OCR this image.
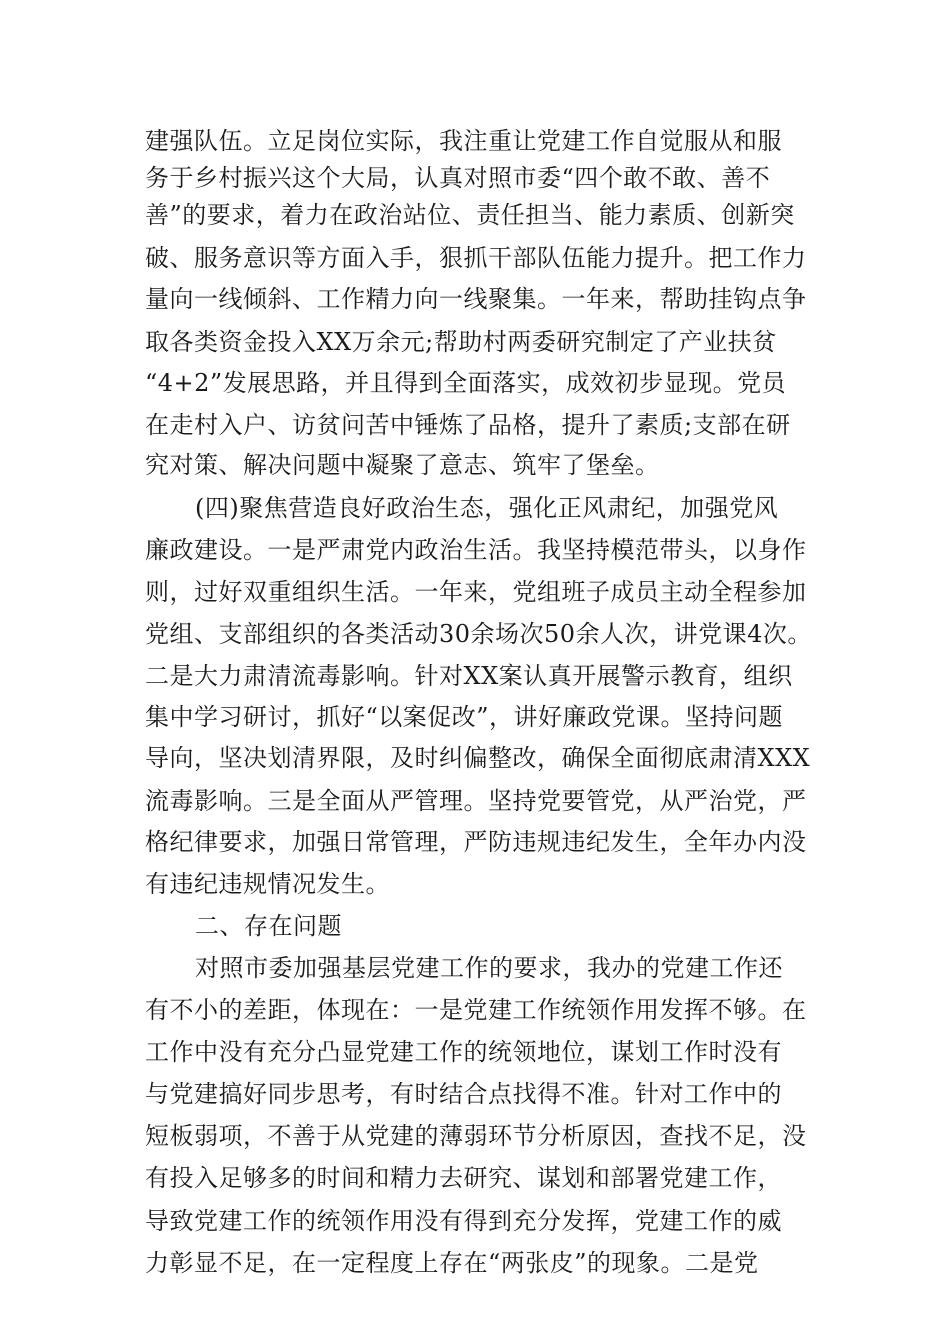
建强队伍。立足岗位实际，我注重让党建工作自觉服从和服
务于乡村振兴这个大局，认真对照市委“四个敢不敢、善不
善”的要求，着力在政治站位、责任担当、能力素质、创新突
破、服务意识等方面入手，狠抓干部队伍能力提升。把工作力
量向一线倾斜、工作精力向一线聚集。一年来，帮助挂钩点争
取各类资金投入XX万余元;帮助村两委研究制定了产业扶贫
“4+2”发展思路，并且得到全面落实，成效初步显现。党员
在走村入户、访贫问苦中锤炼了品格，提升了素质;支部在研
究对策、解决问题中凝聚了意志、筑牢了堡垒。
(四)聚焦营造良好政治生态，强化正风肃纪，加强党风
廉政建设。一是严肃党内政治生活。我坚持模范带头，以身作
则，过好双重组织生活。一年来，党组班子成员主动全程参加
党组、支部组织的各类活动30余场次50余人次，讲党课4次。
二是大力肃清流毒影响。针对XX案认真开展警示教育，组织
集中学习研讨，抓好“以案促改”，讲好廉政党课。坚持问题
导向，坚决划清界限，及时纠偏整改，确保全面彻底肃清XXX
流毒影响。三是全面从严管理。坚持党要管党，从严治党，严
格纪律要求，加强日常管理，严防违规违纪发生，全年办内没
有违纪违规情况发生。
二、存在问题
对照市委加强基层党建工作的要求，我办的党建工作还
有不小的差距，体现在：一是党建工作统领作用发挥不够。在
工作中没有充分凸显党建工作的统领地位，谋划工作时没有
与党建搞好同步思考，有时结合点找得不准。针对工作中的
短板弱项，不善于从党建的薄弱环节分析原因，查找不足，没
有投入足够多的时间和精力去研究、谋划和部署党建工作，
导致党建工作的统领作用没有得到充分发挥，党建工作的威
力彰显不足，在一定程度上存在“两张皮”的现象。二是党
